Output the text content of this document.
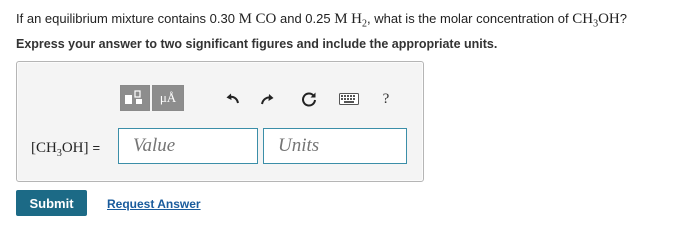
If an equilibrium mixture contains 0.30 M CO and 0.25 M $H_2$, what is the molar concentration of $CH_3OH$?
Express your answer to two significant figures and include the appropriate units.
μÅ	?
$[CH_3OH]$ =
Value
Units
Submit	Request Answer
